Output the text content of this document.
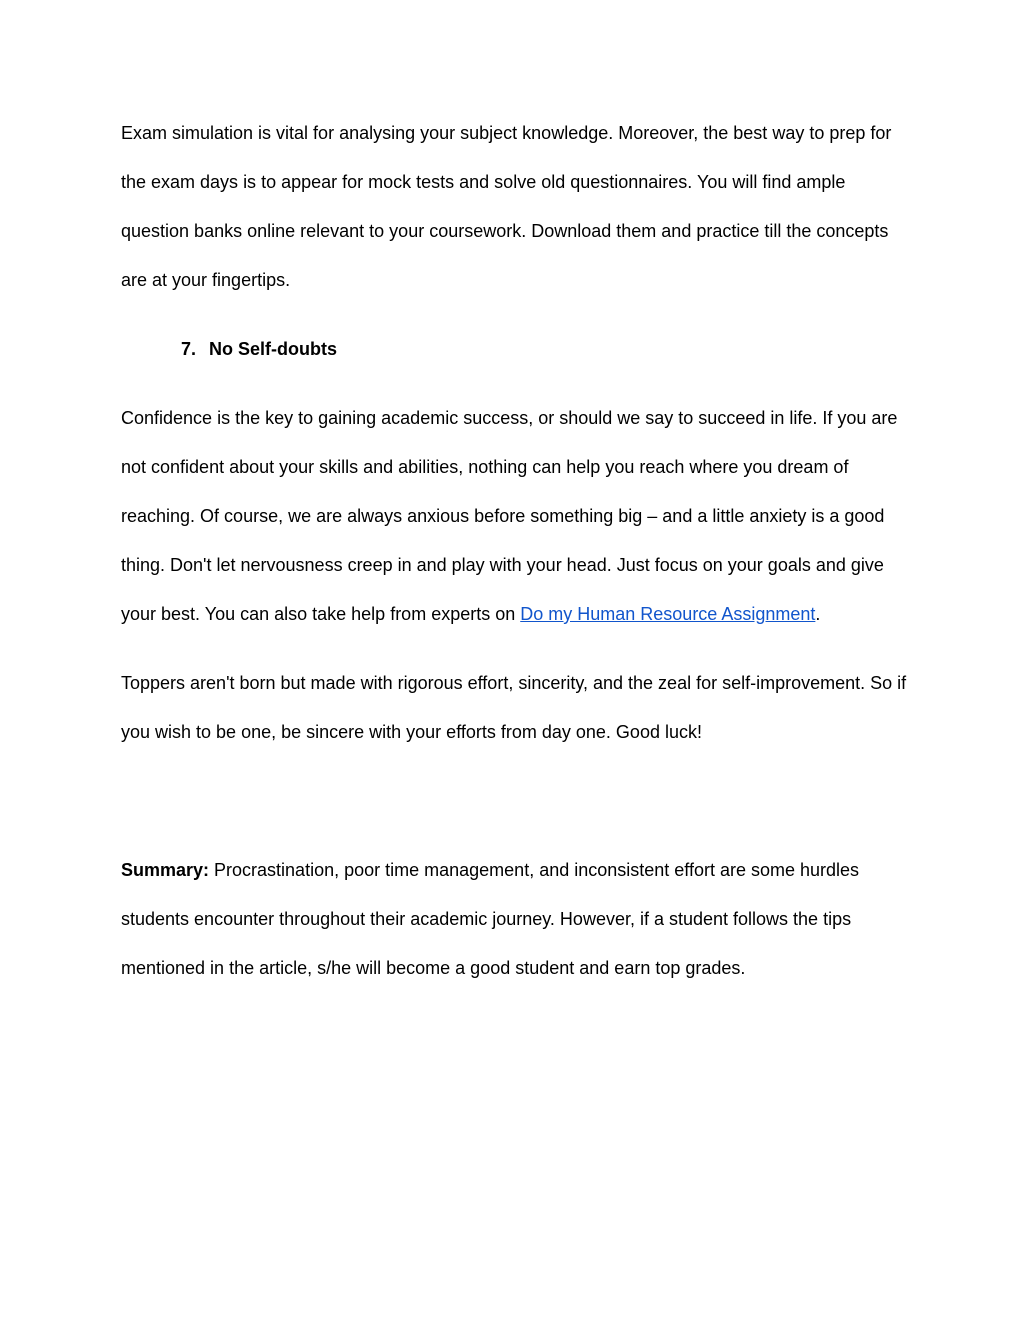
Exam simulation is vital for analysing your subject knowledge. Moreover, the best way to prep for the exam days is to appear for mock tests and solve old questionnaires. You will find ample question banks online relevant to your coursework. Download them and practice till the concepts are at your fingertips.

7. No Self-doubts

Confidence is the key to gaining academic success, or should we say to succeed in life. If you are not confident about your skills and abilities, nothing can help you reach where you dream of reaching. Of course, we are always anxious before something big – and a little anxiety is a good thing. Don't let nervousness creep in and play with your head. Just focus on your goals and give your best. You can also take help from experts on Do my Human Resource Assignment.

Toppers aren't born but made with rigorous effort, sincerity, and the zeal for self-improvement. So if you wish to be one, be sincere with your efforts from day one. Good luck!

Summary: Procrastination, poor time management, and inconsistent effort are some hurdles students encounter throughout their academic journey. However, if a student follows the tips mentioned in the article, s/he will become a good student and earn top grades.
